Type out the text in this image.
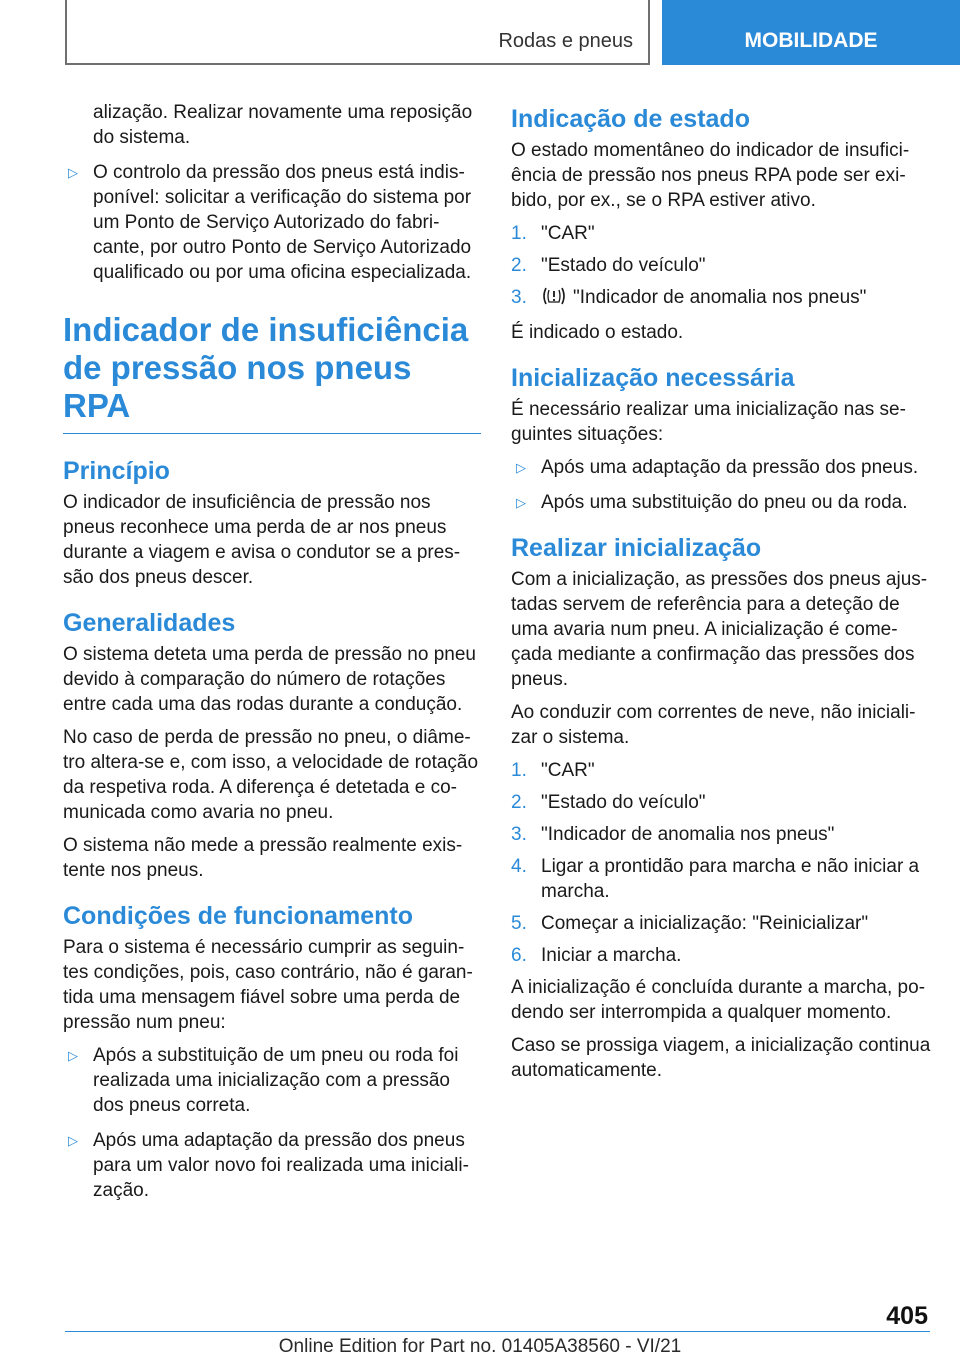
Rodas e pneus	MOBILIDADE

alização. Realizar novamente uma reposição do sistema.

▷ O controlo da pressão dos pneus está indisponível: solicitar a verificação do sistema por um Ponto de Serviço Autorizado do fabricante, por outro Ponto de Serviço Autorizado qualificado ou por uma oficina especializada.
Indicador de insuficiência de pressão nos pneus RPA
Princípio

O indicador de insuficiência de pressão nos pneus reconhece uma perda de ar nos pneus durante a viagem e avisa o condutor se a pressão dos pneus descer.

Generalidades

O sistema deteta uma perda de pressão no pneu devido à comparação do número de rotações entre cada uma das rodas durante a condução.

No caso de perda de pressão no pneu, o diâmetro altera-se e, com isso, a velocidade de rotação da respetiva roda. A diferença é detetada e comunicada como avaria no pneu.

O sistema não mede a pressão realmente existente nos pneus.

Condições de funcionamento

Para o sistema é necessário cumprir as seguintes condições, pois, caso contrário, não é garantida uma mensagem fiável sobre uma perda de pressão num pneu:

▷ Após a substituição de um pneu ou roda foi realizada uma inicialização com a pressão dos pneus correta.
▷ Após uma adaptação da pressão dos pneus para um valor novo foi realizada uma inicialização.
Indicação de estado

O estado momentâneo do indicador de insuficiência de pressão nos pneus RPA pode ser exibido, por ex., se o RPA estiver ativo.

1. "CAR"
2. "Estado do veículo"
3. "Indicador de anomalia nos pneus"

É indicado o estado.

Inicialização necessária

É necessário realizar uma inicialização nas seguintes situações:

▷ Após uma adaptação da pressão dos pneus.
▷ Após uma substituição do pneu ou da roda.
Realizar inicialização

Com a inicialização, as pressões dos pneus ajustadas servem de referência para a deteção de uma avaria num pneu. A inicialização é começada mediante a confirmação das pressões dos pneus.

Ao conduzir com correntes de neve, não inicializar o sistema.

1. "CAR"
2. "Estado do veículo"
3. "Indicador de anomalia nos pneus"
4. Ligar a prontidão para marcha e não iniciar a marcha.
5. Começar a inicialização: "Reinicializar"
6. Iniciar a marcha.

A inicialização é concluída durante a marcha, podendo ser interrompida a qualquer momento.

Caso se prossiga viagem, a inicialização continua automaticamente.

405
Online Edition for Part no. 01405A38560 - VI/21
